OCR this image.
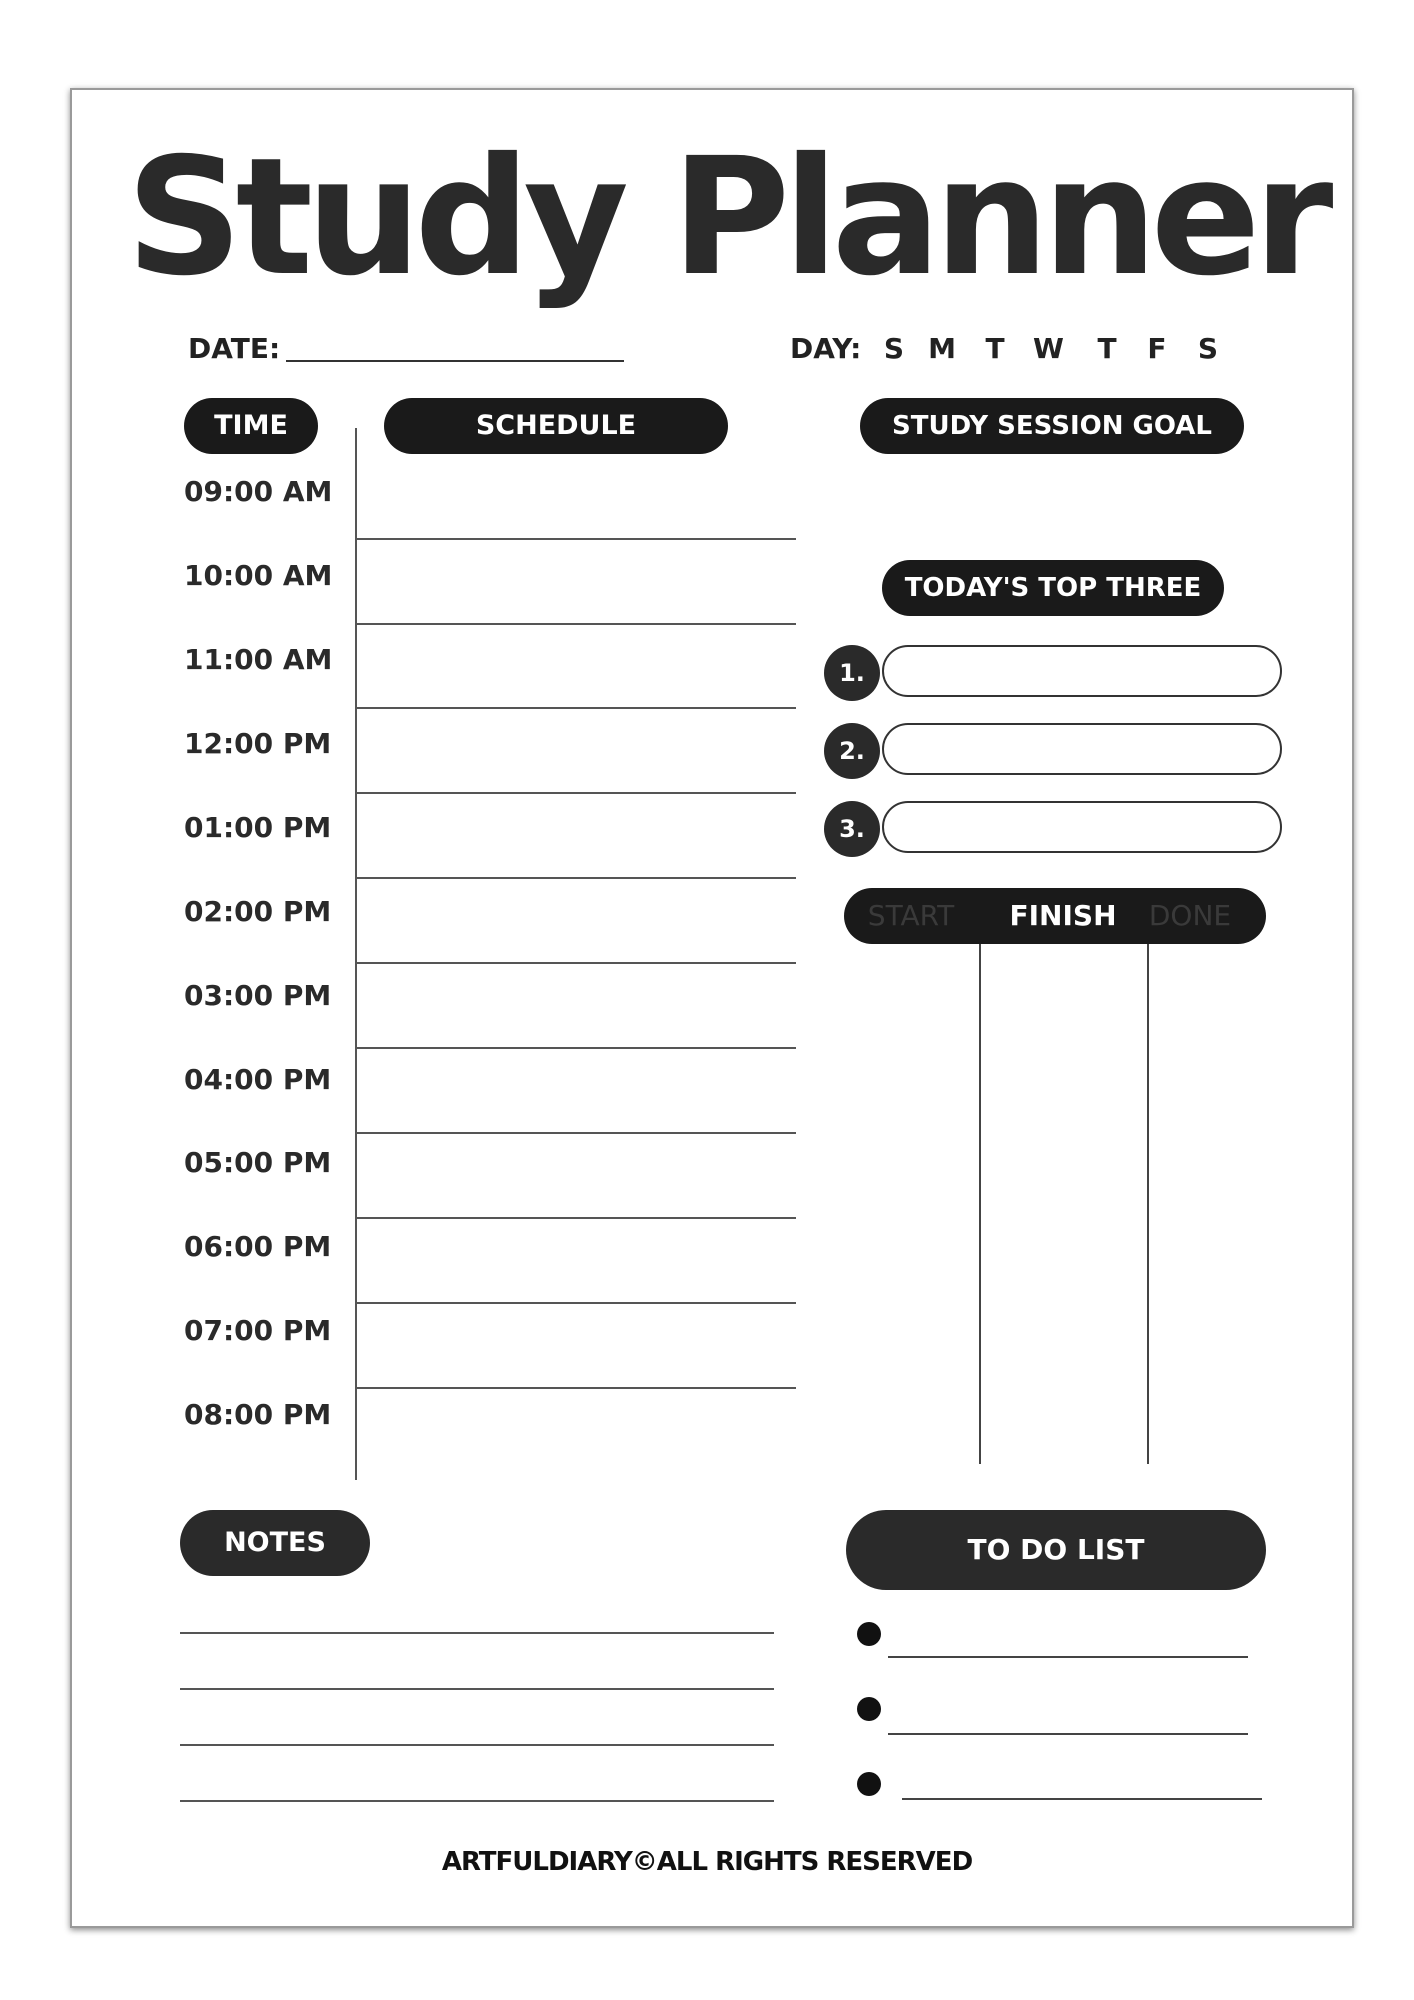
Study Planner
DATE:	DAY: S M T W T F S
TIME	SCHEDULE	STUDY SESSION GOAL
09:00 AM
10:00 AM
11:00 AM
12:00 PM
01:00 PM
02:00 PM
03:00 PM
04:00 PM
05:00 PM
06:00 PM
07:00 PM
08:00 PM
TODAY'S TOP THREE
1.
2.
3.
START	FINISH	DONE
NOTES	TO DO LIST
ARTFULDIARY©ALL RIGHTS RESERVED
